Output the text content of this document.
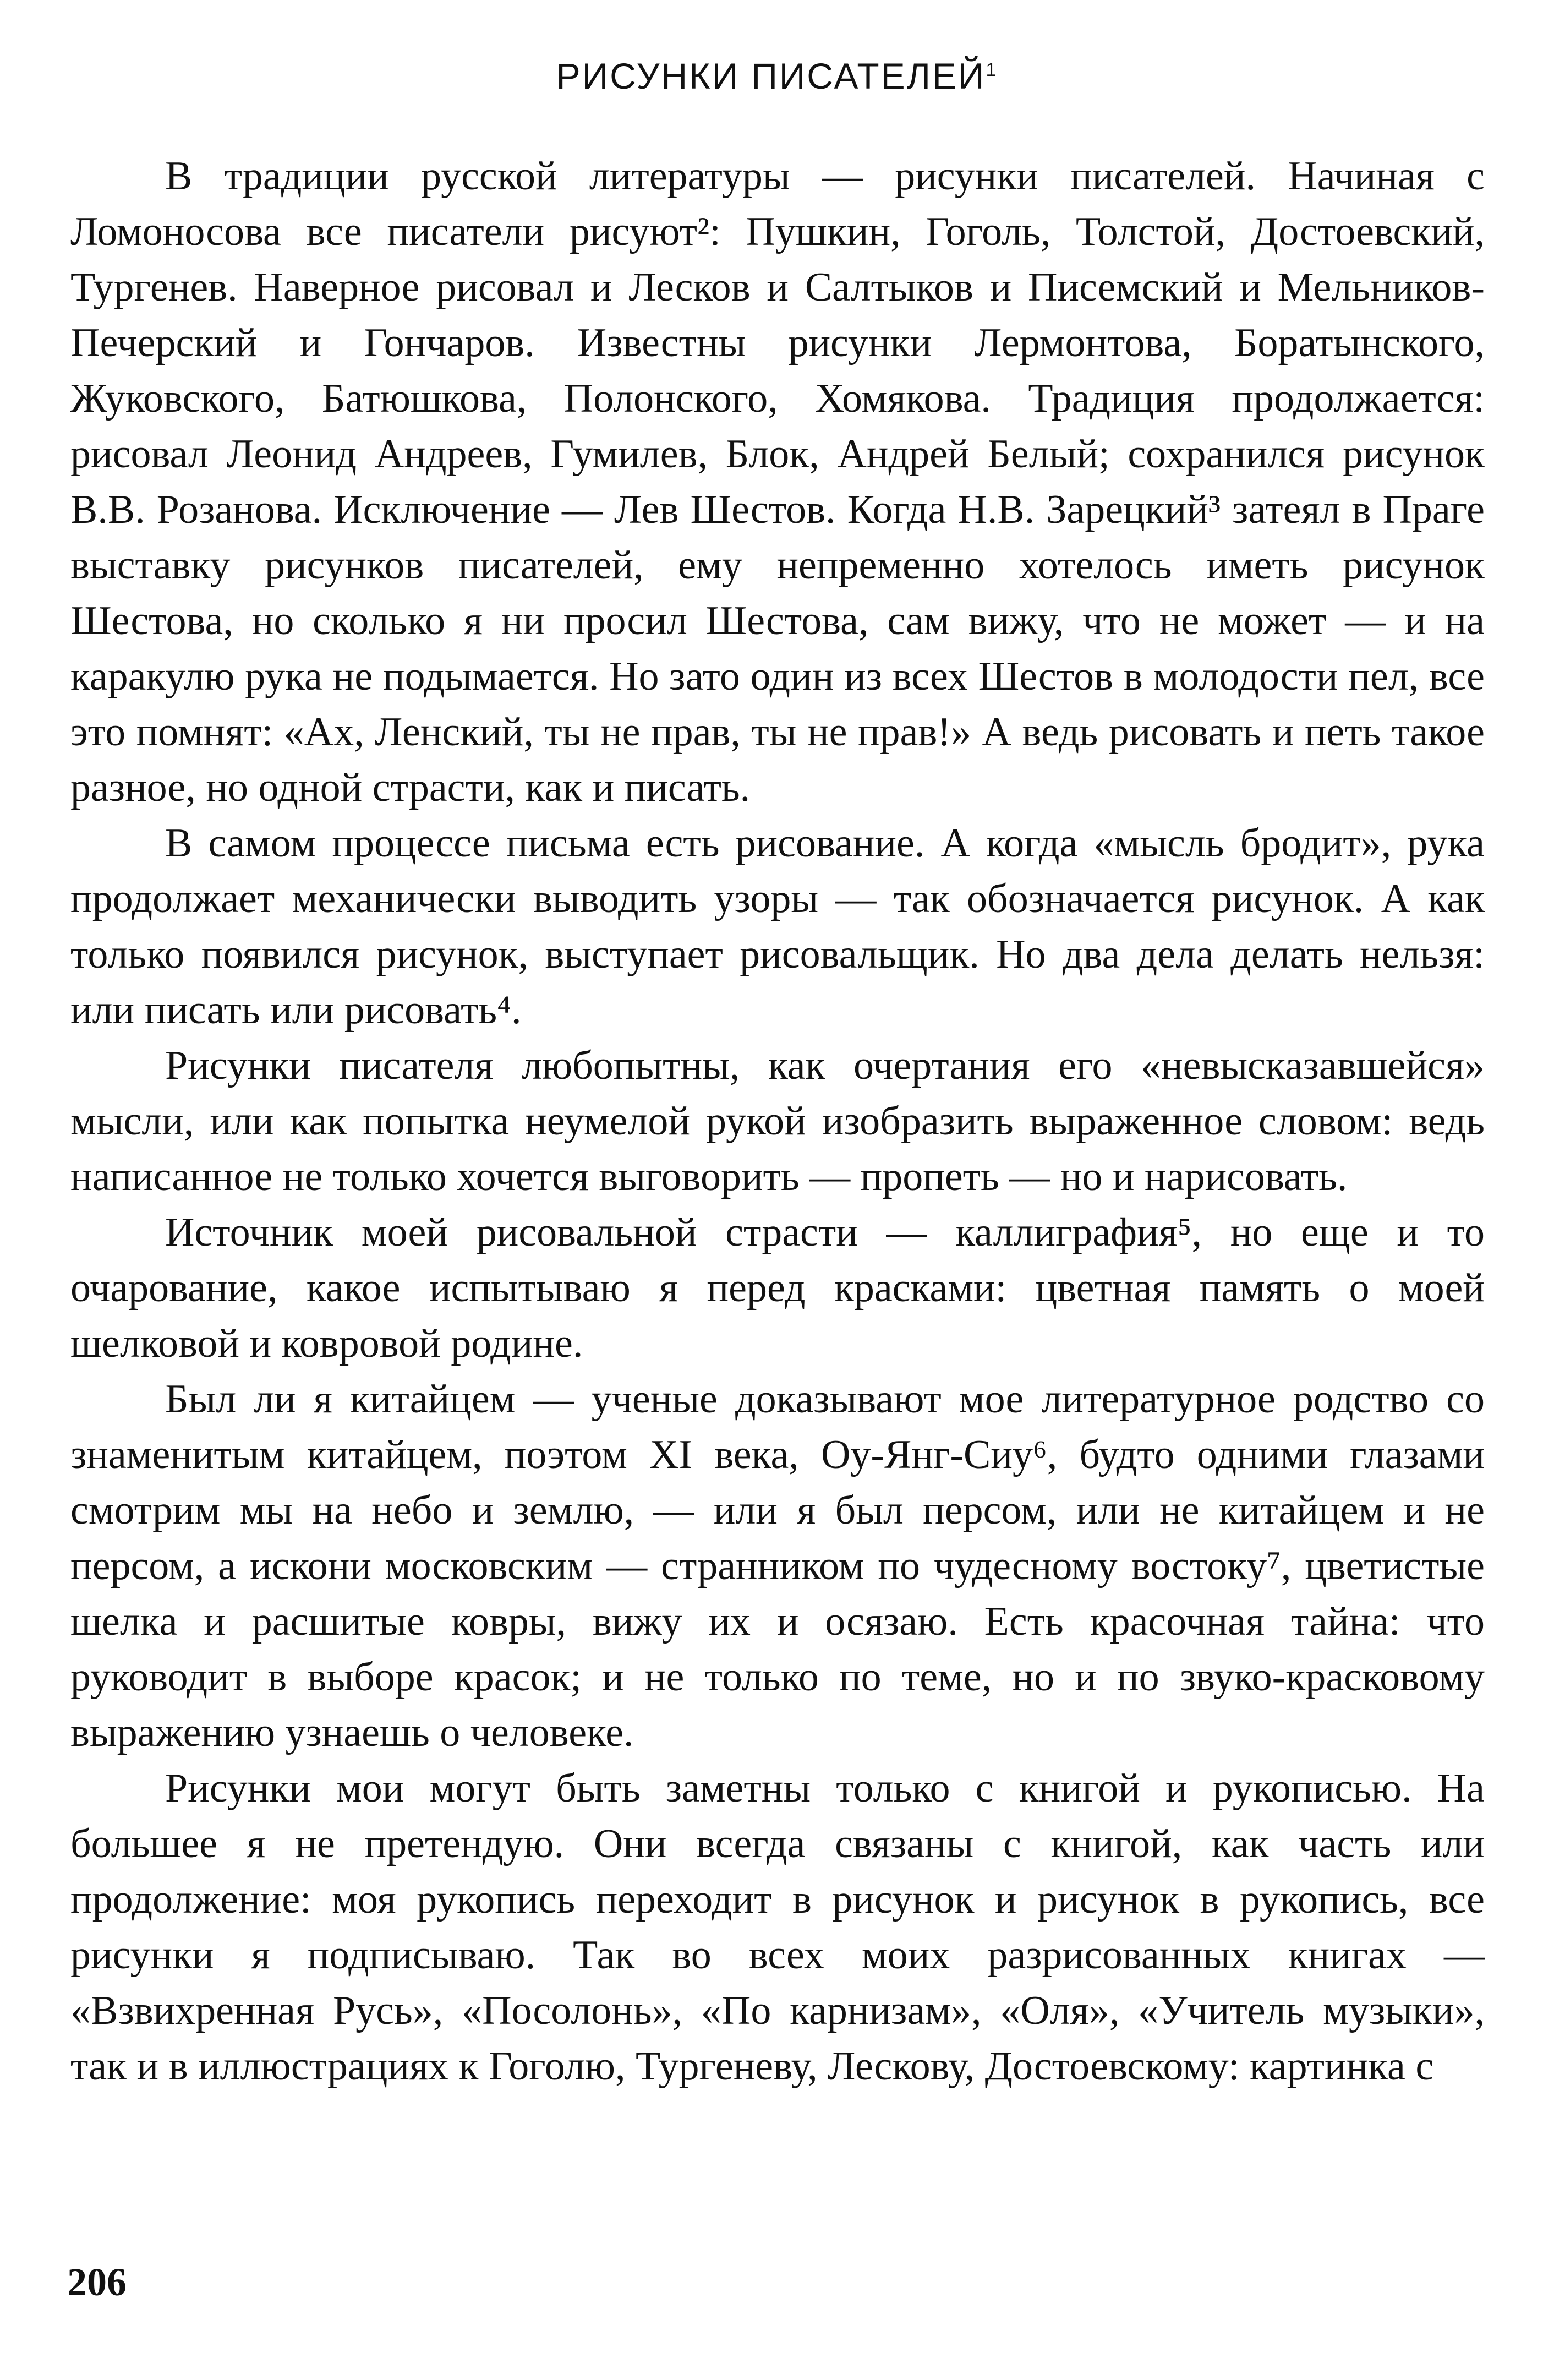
РИСУНКИ ПИСАТЕЛЕЙ$^1$

В традиции русской литературы — рисунки писателей. Начиная с Ломоносова все писатели рисуют²: Пушкин, Гоголь, Толстой, Достоевский, Тургенев. Наверное рисовал и Лесков и Салтыков и Писемский и Мельников-Печерский и Гончаров. Известны рисунки Лермонтова, Боратынского, Жуковского, Батюшкова, Полонского, Хомякова. Традиция продолжается: рисовал Леонид Андреев, Гумилев, Блок, Андрей Белый; сохранился рисунок В.В. Розанова. Исключение — Лев Шестов. Когда Н.В. Зарецкий³ затеял в Праге выставку рисунков писателей, ему непременно хотелось иметь рисунок Шестова, но сколько я ни просил Шестова, сам вижу, что не может — и на каракулю рука не подымается. Но зато один из всех Шестов в молодости пел, все это помнят: «Ах, Ленский, ты не прав, ты не прав!» А ведь рисовать и петь такое разное, но одной страсти, как и писать.

В самом процессе письма есть рисование. А когда «мысль бродит», рука продолжает механически выводить узоры — так обозначается рисунок. А как только появился рисунок, выступает рисовальщик. Но два дела делать нельзя: или писать или рисовать⁴.

Рисунки писателя любопытны, как очертания его «невысказавшейся» мысли, или как попытка неумелой рукой изобразить выраженное словом: ведь написанное не только хочется выговорить — пропеть — но и нарисовать.

Источник моей рисовальной страсти — каллиграфия⁵, но еще и то очарование, какое испытываю я перед красками: цветная память о моей шелковой и ковровой родине.

Был ли я китайцем — ученые доказывают мое литературное родство со знаменитым китайцем, поэтом XI века, Оу-Янг-Сиу⁶, будто одними глазами смотрим мы на небо и землю, — или я был персом, или не китайцем и не персом, а искони московским — странником по чудесному востоку⁷, цветистые шелка и расшитые ковры, вижу их и осязаю. Есть красочная тайна: что руководит в выборе красок; и не только по теме, но и по звуко-красковому выражению узнаешь о человеке.

Рисунки мои могут быть заметны только с книгой и рукописью. На большее я не претендую. Они всегда связаны с книгой, как часть или продолжение: моя рукопись переходит в рисунок и рисунок в рукопись, все рисунки я подписываю. Так во всех моих разрисованных книгах — «Взвихренная Русь», «Посолонь», «По карнизам», «Оля», «Учитель музыки», так и в иллюстрациях к Гоголю, Тургеневу, Лескову, Достоевскому: картинка с

206
